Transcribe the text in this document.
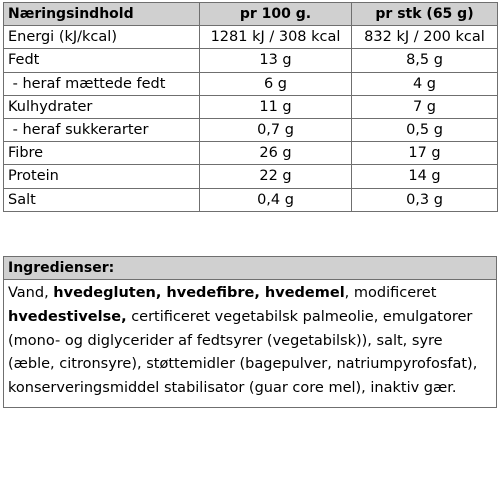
Næringsindhold	pr 100 g.	pr stk (65 g)
Energi (kJ/kcal)	1281 kJ / 308 kcal	832 kJ / 200 kcal
Fedt	13 g	8,5 g
- heraf mættede fedt	6 g	4 g
Kulhydrater	11 g	7 g
- heraf sukkerarter	0,7 g	0,5 g
Fibre	26 g	17 g
Protein	22 g	14 g
Salt	0,4 g	0,3 g
Ingredienser:
Vand, hvedegluten, hvedefibre, hvedemel, modificeret hvedestivelse, certificeret vegetabilsk palmeolie, emulgatorer (mono- og diglycerider af fedtsyrer (vegetabilsk)), salt, syre (æble, citronsyre), støttemidler (bagepulver, natriumpyrofosfat), konserveringsmiddel stabilisator (guar core mel), inaktiv gær.
